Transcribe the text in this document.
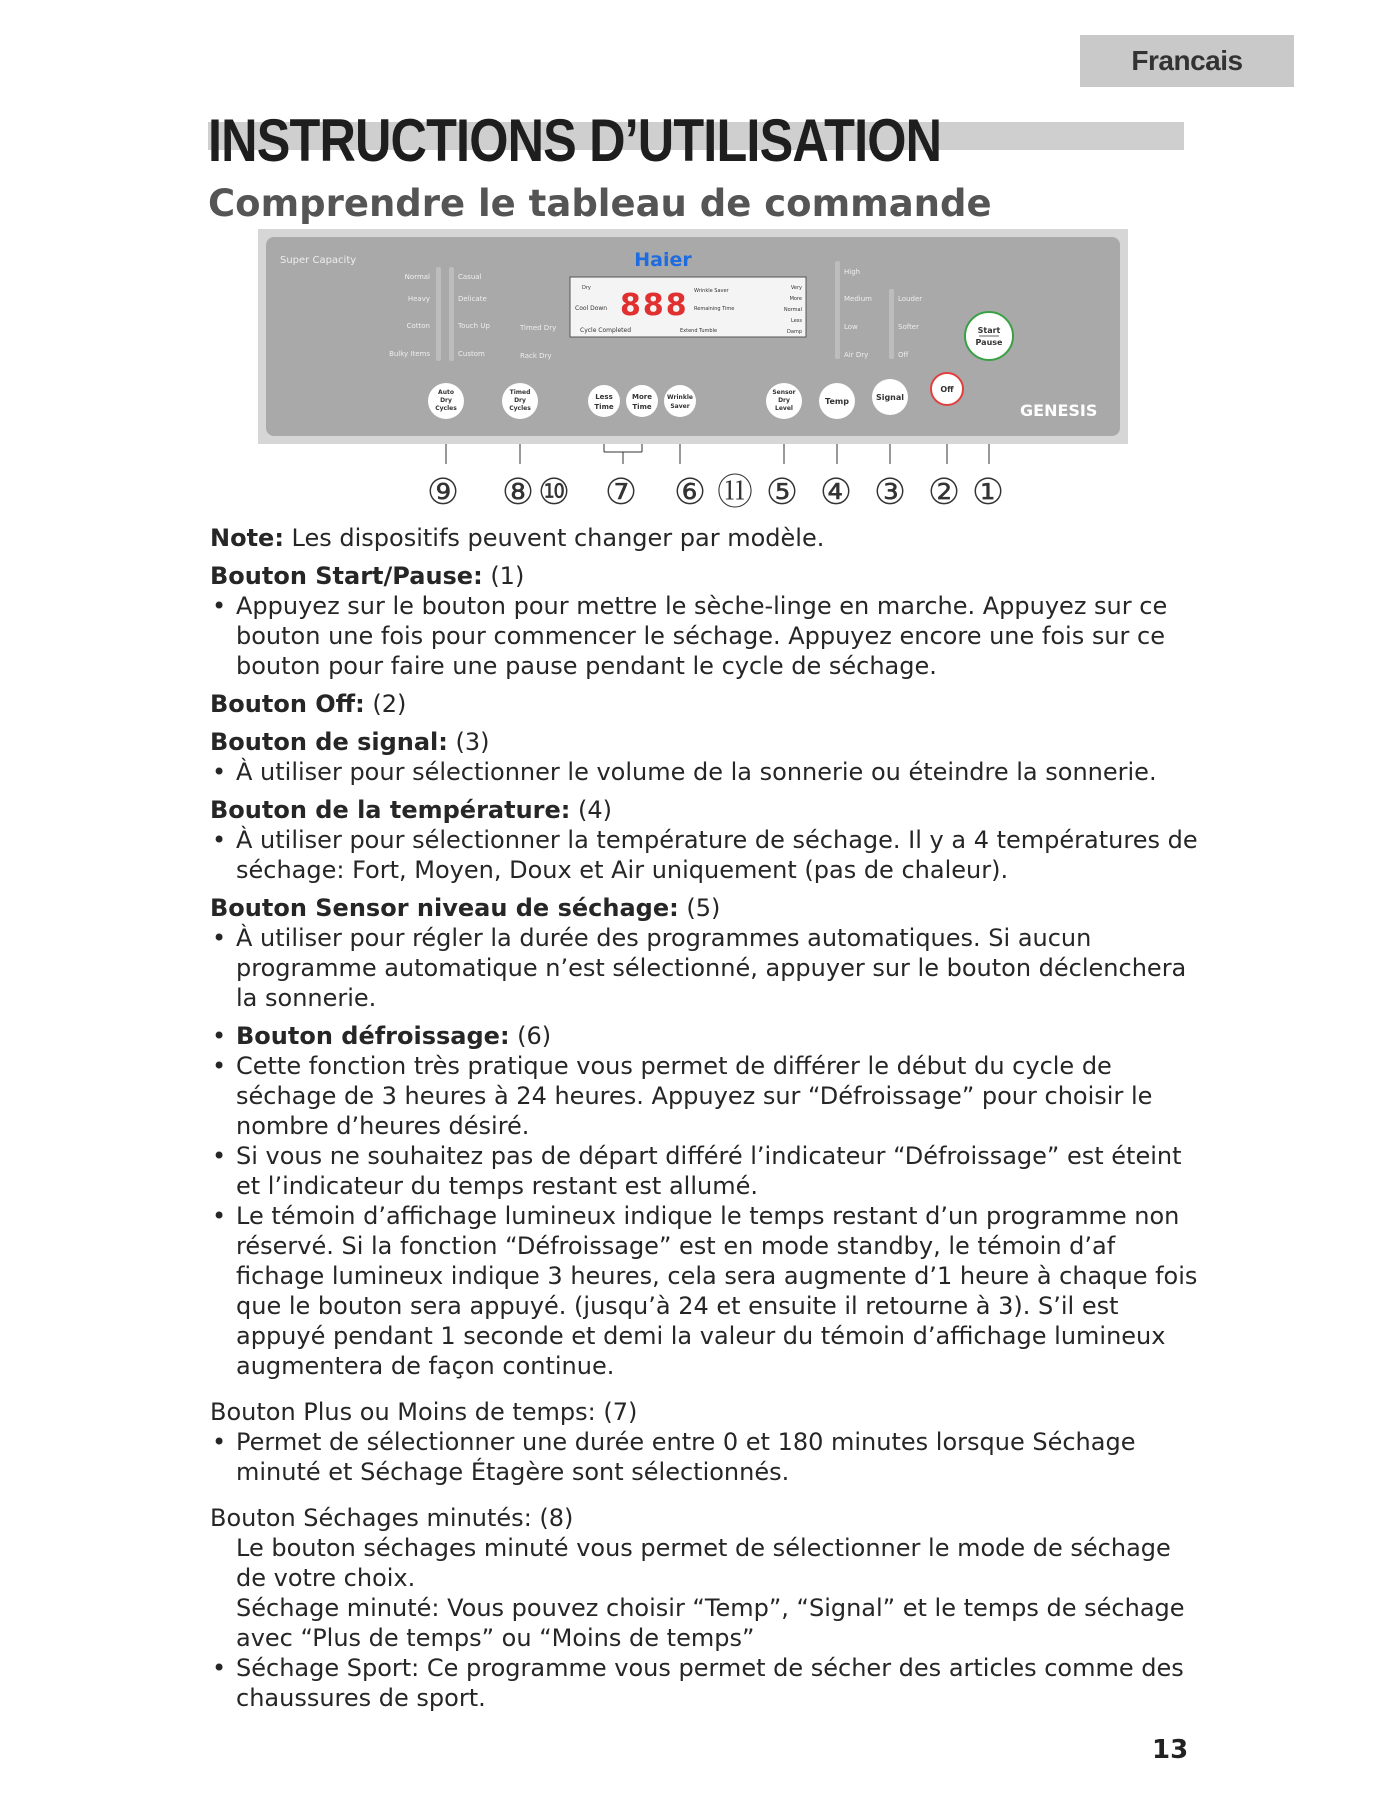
Francais
INSTRUCTIONS D’UTILISATION
Comprendre le tableau de commande
Super Capacity
Normal
Heavy
Cotton
Bulky Items
Casual
Delicate
Touch Up
Custom
Timed Dry
Rack Dry
Haier
Dry
Cool Down
Cycle Completed
888 Wrinkle Saver
Remaining Time
Extend Tumble
Very
More
Normal
Less
Damp
High
Medium
Low
Air Dry
Louder
Softer
Off
Start
Pause
Auto
Dry
Cycles
Timed
Dry
Cycles
Less
Time
More
Time
Wrinkle
Saver
Sensor
Dry
Level
Temp	Signal
Off
GENESIS
⑨ ⑧ ⑩ ⑦ ⑥ ⑪ ⑤ ④ ③ ② ①

Note: Les dispositifs peuvent changer par modèle.

Bouton Start/Pause: (1)

• Appuyez sur le bouton pour mettre le sèche-linge en marche. Appuyez sur ce bouton une fois pour commencer le séchage. Appuyez encore une fois sur ce bouton pour faire une pause pendant le cycle de séchage.

Bouton Off: (2)

Bouton de signal: (3)

• À utiliser pour sélectionner le volume de la sonnerie ou éteindre la sonnerie.

Bouton de la température: (4)

• À utiliser pour sélectionner la température de séchage. Il y a 4 températures de séchage: Fort, Moyen, Doux et Air uniquement (pas de chaleur).

Bouton Sensor niveau de séchage: (5)

• À utiliser pour régler la durée des programmes automatiques. Si aucun programme automatique n’est sélectionné, appuyer sur le bouton déclenchera la sonnerie.

• Bouton défroissage: (6)

• Cette fonction très pratique vous permet de différer le début du cycle de séchage de 3 heures à 24 heures. Appuyez sur “Défroissage” pour choisir le nombre d’heures désiré.

• Si vous ne souhaitez pas de départ différé l’indicateur “Défroissage” est éteint et l’indicateur du temps restant est allumé.

• Le témoin d’affichage lumineux indique le temps restant d’un programme non réservé. Si la fonction “Défroissage” est en mode standby, le témoin d’af fichage lumineux indique 3 heures, cela sera augmente d’1 heure à chaque fois que le bouton sera appuyé. (jusqu’à 24 et ensuite il retourne à 3). S’il est appuyé pendant 1 seconde et demi la valeur du témoin d’affichage lumineux augmentera de façon continue.

Bouton Plus ou Moins de temps: (7)

• Permet de sélectionner une durée entre 0 et 180 minutes lorsque Séchage minuté et Séchage Étagère sont sélectionnés.

Bouton Séchages minutés: (8)

Le bouton séchages minuté vous permet de sélectionner le mode de séchage de votre choix.

Séchage minuté: Vous pouvez choisir “Temp”, “Signal” et le temps de séchage avec “Plus de temps” ou “Moins de temps”

• Séchage Sport: Ce programme vous permet de sécher des articles comme des chaussures de sport.

13
